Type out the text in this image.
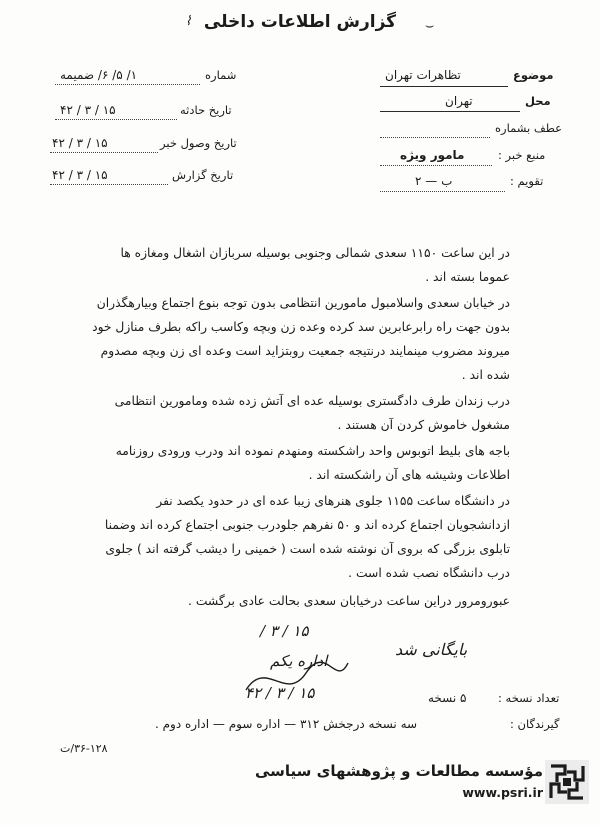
گزارش اطلاعات داخلی	⌣
⌇
شماره
۱/ ۵/ ۶/ ضمیمه
تاریخ حادثه
۱۵ / ۳ / ۴۲
تاریخ وصول خبر
۱۵ / ۳ / ۴۲
تاریخ گزارش
۱۵ / ۳ / ۴۲
موضوع
تظاهرات تهران
محل
تهران
عطف بشماره
منبع خبر :
مامور ویژه
تقویم :
ب — ۲

در این ساعت ۱۱۵۰ سعدی شمالی وجنوبی بوسیله سربازان اشغال ومغازه ها

عموما بسته اند .

در خیابان سعدی واسلامبول مامورین انتظامی بدون توجه بنوع اجتماع وبیارهگذران

بدون جهت راه رابرعابرین سد کرده وعده زن وبچه وکاسب راکه بطرف منازل خود

میروند مضروب مینمایند درنتیجه جمعیت روبتزاید است وعده ای زن وبچه مصدوم

شده اند .

درب زندان طرف دادگستری بوسیله عده ای آتش زده شده ومامورین انتظامی

مشغول خاموش کردن آن هستند .

باجه های بلیط اتوبوس واحد راشکسته ومنهدم نموده اند ودرب ورودی روزنامه

اطلاعات وشیشه های آن راشکسته اند .

در دانشگاه ساعت ۱۱۵۵ جلوی هنرهای زیبا عده ای در حدود یکصد نفر

ازدانشجویان اجتماع کرده اند و ۵۰ نفرهم جلودرب جنوبی اجتماع کرده اند وضمنا

تابلوی بزرگی که بروی آن نوشته شده است ( خمینی را دیشب گرفته اند ) جلوی

درب دانشگاه نصب شده است .

عبورومرور دراین ساعت درخیابان سعدی بحالت عادی برگشت .

۱۵ / ۳ /
بایگانی شد
اداره یکم
۱۵ / ۳ / ۴۲	تعداد نسخه :
۵ نسخه
گیرندگان :
سه نسخه درجخش ۳۱۲ — اداره سوم — اداره دوم .
۳۶-۱۲۸/ت
مؤسسه مطالعات و پژوهشهای سیاسی
www.psri.ir
